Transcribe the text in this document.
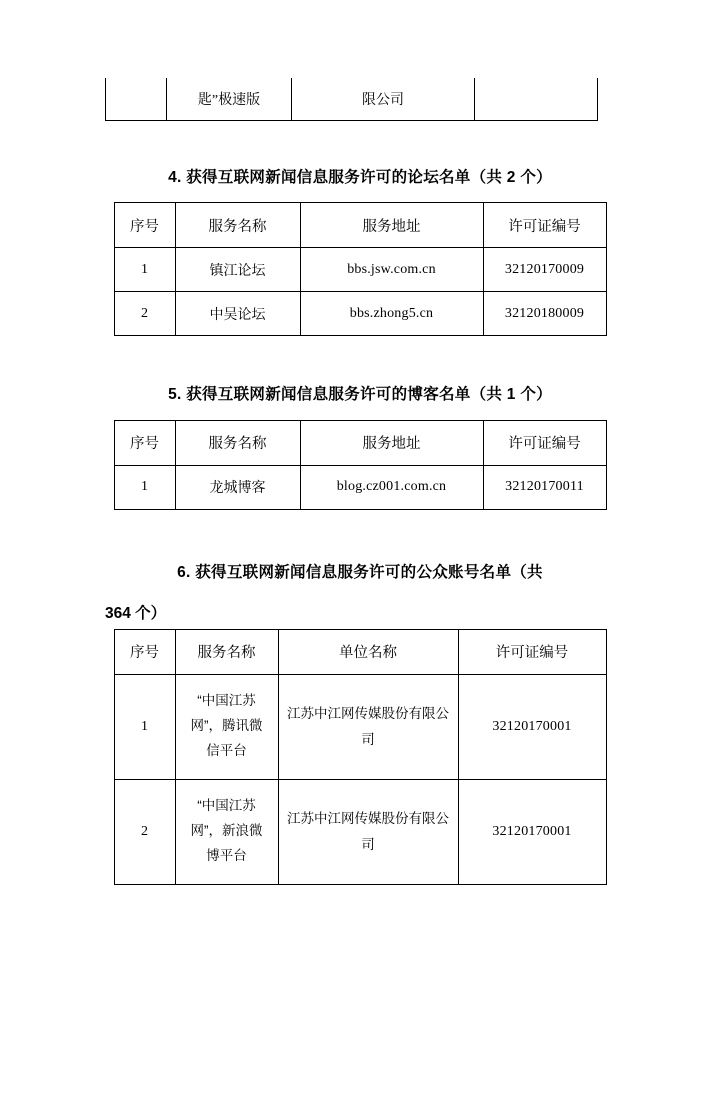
	匙”极速版	限公司	
4. 获得互联网新闻信息服务许可的论坛名单（共 2 个）
序号	服务名称	服务地址	许可证编号
1	镇江论坛	bbs.jsw.com.cn	32120170009
2	中吴论坛	bbs.zhong5.cn	32120180009
5. 获得互联网新闻信息服务许可的博客名单（共 1 个）
序号	服务名称	服务地址	许可证编号
1	龙城博客	blog.cz001.com.cn	32120170011
6. 获得互联网新闻信息服务许可的公众账号名单（共
364 个）
序号	服务名称	单位名称	许可证编号
1	“中国江苏网”，腾讯微信平台	江苏中江网传媒股份有限公司	32120170001
2	“中国江苏网”，新浪微博平台	江苏中江网传媒股份有限公司	32120170001
